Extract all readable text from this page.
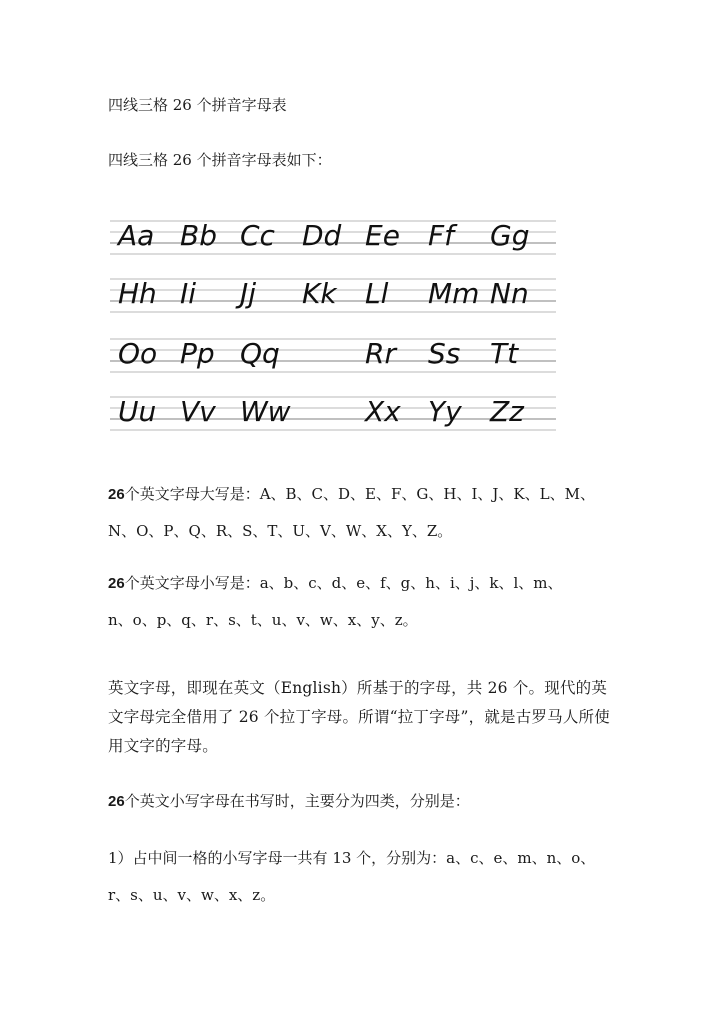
四线三格 26 个拼音字母表
四线三格 26 个拼音字母表如下：
Aa Bb Cc Dd Ee Ff Gg
Hh Ii Jj Kk Ll Mm Nn
Oo Pp Qq	Rr Ss Tt
Uu Vv Ww	Xx Yy Zz
26个英文字母大写是：A、B、C、D、E、F、G、H、I、J、K、L、M、
N、O、P、Q、R、S、T、U、V、W、X、Y、Z。
26个英文字母小写是：a、b、c、d、e、f、g、h、i、j、k、l、m、
n、o、p、q、r、s、t、u、v、w、x、y、z。
英文字母，即现在英文（English）所基于的字母，共 26 个。现代的英文字母完全借用了 26 个拉丁字母。所谓“拉丁字母”，就是古罗马人所使用文字的字母。
26个英文小写字母在书写时，主要分为四类，分别是：
1）占中间一格的小写字母一共有 13 个，分别为：a、c、e、m、n、o、
r、s、u、v、w、x、z。
